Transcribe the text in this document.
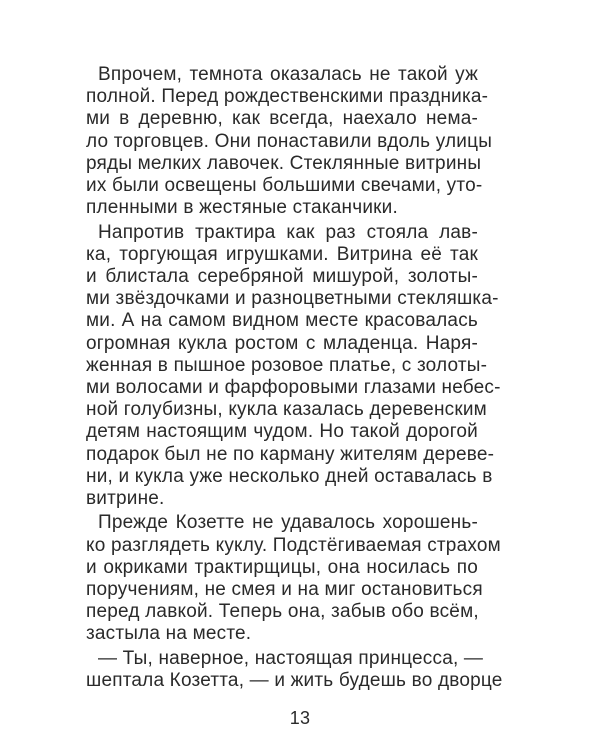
Впрочем, темнота оказалась не такой уж
полной. Перед рождественскими праздника-
ми в деревню, как всегда, наехало нема-
ло торговцев. Они понаставили вдоль улицы
ряды мелких лавочек. Стеклянные витрины
их были освещены большими свечами, уто-
пленными в жестяные стаканчики.
Напротив трактира как раз стояла лав-
ка, торгующая игрушками. Витрина её так
и блистала серебряной мишурой, золоты-
ми звёздочками и разноцветными стекляшка-
ми. А на самом видном месте красовалась
огромная кукла ростом с младенца. Наря-
женная в пышное розовое платье, с золоты-
ми волосами и фарфоровыми глазами небес-
ной голубизны, кукла казалась деревенским
детям настоящим чудом. Но такой дорогой
подарок был не по карману жителям дереве-
ни, и кукла уже несколько дней оставалась в
витрине.
Прежде Козетте не удавалось хорошень-
ко разглядеть куклу. Подстёгиваемая страхом
и окриками трактирщицы, она носилась по
поручениям, не смея и на миг остановиться
перед лавкой. Теперь она, забыв обо всём,
застыла на месте.
— Ты, наверное, настоящая принцесса, —
шептала Козетта, — и жить будешь во дворце
13
